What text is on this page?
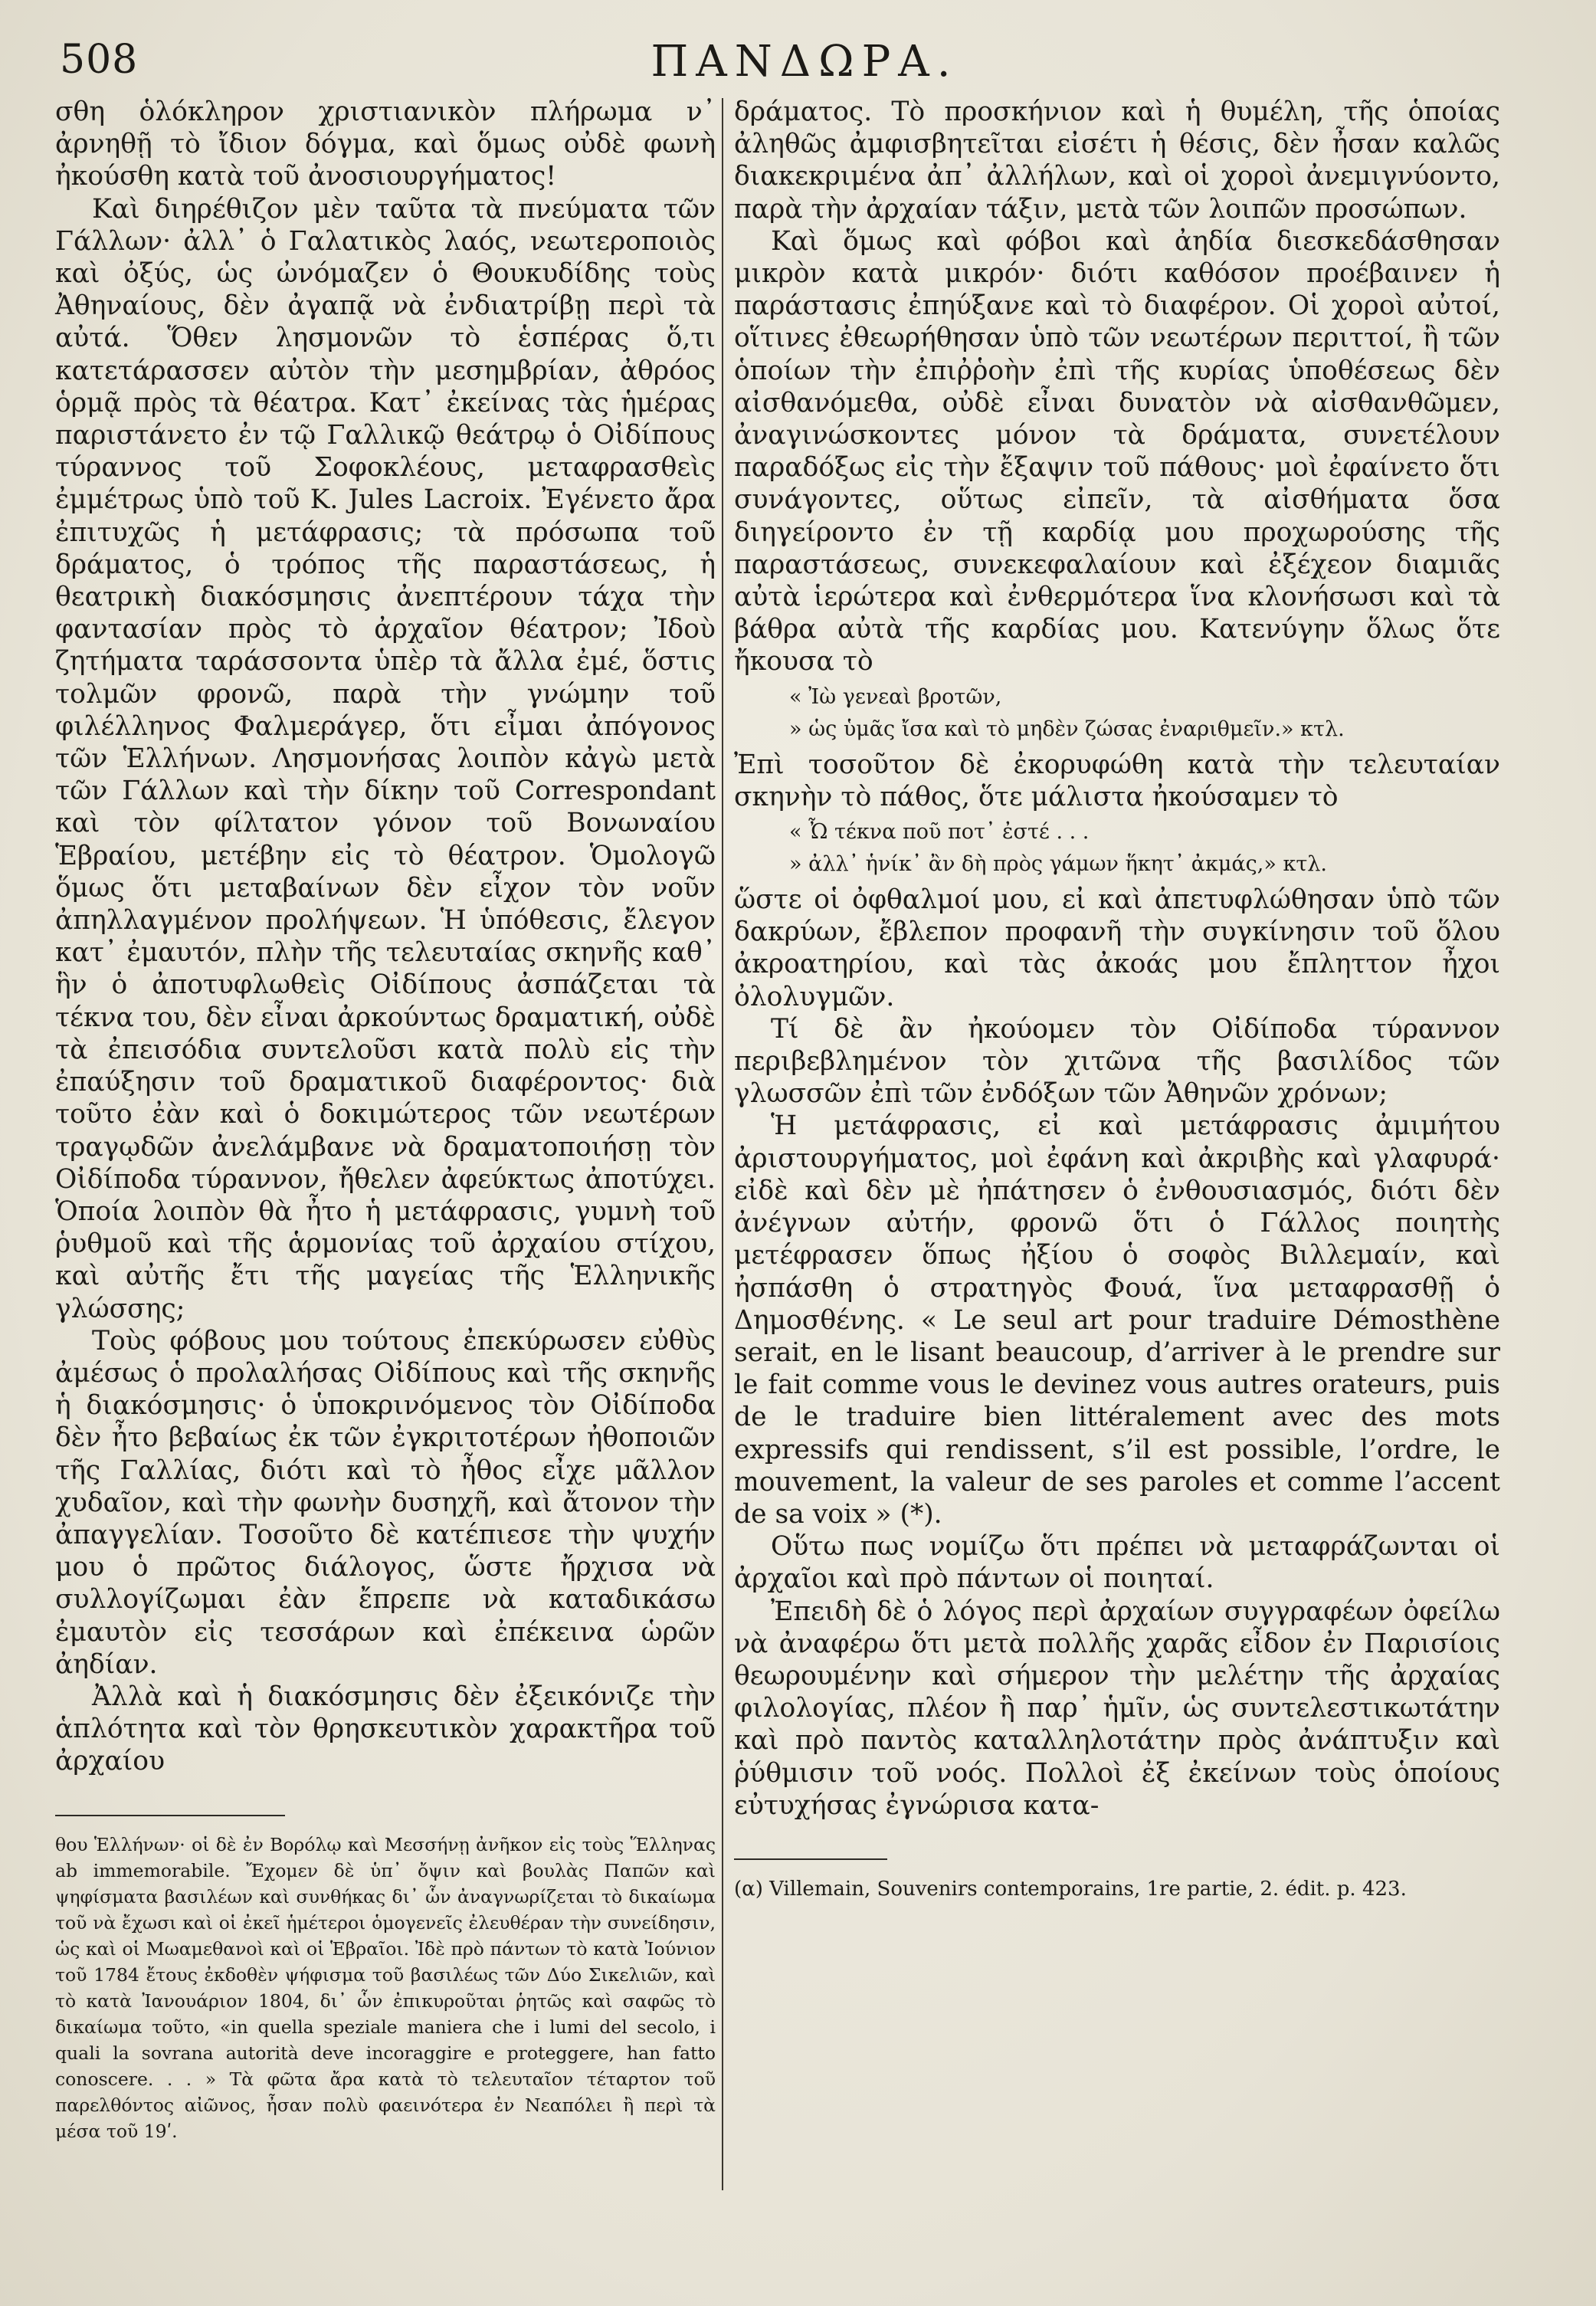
508	ΠΑΝΔΩΡΑ.

σθη ὁλόκληρον χριστιανικὸν πλήρωμα ν᾿ ἀρνηθῇ τὸ ἴδιον δόγμα, καὶ ὅμως οὐδὲ φωνὴ ἠκούσθη κατὰ τοῦ ἀνοσιουργήματος!

Καὶ διηρέθιζον μὲν ταῦτα τὰ πνεύματα τῶν Γάλλων· ἀλλ᾿ ὁ Γαλατικὸς λαός, νεωτεροποιὸς καὶ ὀξύς, ὡς ὠνόμαζεν ὁ Θουκυδίδης τοὺς Ἀθηναίους, δὲν ἀγαπᾷ νὰ ἐνδιατρίβῃ περὶ τὰ αὐτά. Ὅθεν λησμονῶν τὸ ἑσπέρας ὅ,τι κατετάρασσεν αὐτὸν τὴν μεσημβρίαν, ἀθρόος ὁρμᾷ πρὸς τὰ θέατρα. Κατ᾿ ἐκείνας τὰς ἡμέρας παριστάνετο ἐν τῷ Γαλλικῷ θεάτρῳ ὁ Οἰδίπους τύραννος τοῦ Σοφοκλέους, μεταφρασθεὶς ἐμμέτρως ὑπὸ τοῦ Κ. Jules Lacroix. Ἐγένετο ἄρα ἐπιτυχῶς ἡ μετάφρασις; τὰ πρόσωπα τοῦ δράματος, ὁ τρόπος τῆς παραστάσεως, ἡ θεατρικὴ διακόσμησις ἀνεπτέρουν τάχα τὴν φαντασίαν πρὸς τὸ ἀρχαῖον θέατρον; Ἰδοὺ ζητήματα ταράσσοντα ὑπὲρ τὰ ἄλλα ἐμέ, ὅστις τολμῶν φρονῶ, παρὰ τὴν γνώμην τοῦ φιλέλληνος Φαλμεράγερ, ὅτι εἶμαι ἀπόγονος τῶν Ἑλλήνων. Λησμονήσας λοιπὸν κἀγὼ μετὰ τῶν Γάλλων καὶ τὴν δίκην τοῦ Correspondant καὶ τὸν φίλτατον γόνον τοῦ Βονωναίου Ἑβραίου, μετέβην εἰς τὸ θέατρον. Ὁμολογῶ ὅμως ὅτι μεταβαίνων δὲν εἶχον τὸν νοῦν ἀπηλλαγμένον προλήψεων. Ἡ ὑπόθεσις, ἔλεγον κατ᾿ ἐμαυτόν, πλὴν τῆς τελευταίας σκηνῆς καθ᾿ ἣν ὁ ἀποτυφλωθεὶς Οἰδίπους ἀσπάζεται τὰ τέκνα του, δὲν εἶναι ἀρκούντως δραματική, οὐδὲ τὰ ἐπεισόδια συντελοῦσι κατὰ πολὺ εἰς τὴν ἐπαύξησιν τοῦ δραματικοῦ διαφέροντος· διὰ τοῦτο ἐὰν καὶ ὁ δοκιμώτερος τῶν νεωτέρων τραγῳδῶν ἀνελάμβανε νὰ δραματοποιήσῃ τὸν Οἰδίποδα τύραννον, ἤθελεν ἀφεύκτως ἀποτύχει. Ὁποία λοιπὸν θὰ ἦτο ἡ μετάφρασις, γυμνὴ τοῦ ῥυθμοῦ καὶ τῆς ἁρμονίας τοῦ ἀρχαίου στίχου, καὶ αὐτῆς ἔτι τῆς μαγείας τῆς Ἑλληνικῆς γλώσσης;

Τοὺς φόβους μου τούτους ἐπεκύρωσεν εὐθὺς ἀμέσως ὁ προλαλήσας Οἰδίπους καὶ τῆς σκηνῆς ἡ διακόσμησις· ὁ ὑποκρινόμενος τὸν Οἰδίποδα δὲν ἦτο βεβαίως ἐκ τῶν ἐγκριτοτέρων ἠθοποιῶν τῆς Γαλλίας, διότι καὶ τὸ ἦθος εἶχε μᾶλλον χυδαῖον, καὶ τὴν φωνὴν δυσηχῆ, καὶ ἄτονον τὴν ἀπαγγελίαν. Τοσοῦτο δὲ κατέπιεσε τὴν ψυχήν μου ὁ πρῶτος διάλογος, ὥστε ἤρχισα νὰ συλλογίζωμαι ἐὰν ἔπρεπε νὰ καταδικάσω ἐμαυτὸν εἰς τεσσάρων καὶ ἐπέκεινα ὡρῶν ἀηδίαν.

Ἀλλὰ καὶ ἡ διακόσμησις δὲν ἐξεικόνιζε τὴν ἁπλότητα καὶ τὸν θρησκευτικὸν χαρακτῆρα τοῦ ἀρχαίου

θου Ἑλλήνων· οἱ δὲ ἐν Βορόλῳ καὶ Μεσσήνῃ ἀνῆκον εἰς τοὺς Ἕλληνας ab immemorabile. Ἔχομεν δὲ ὑπ᾿ ὄψιν καὶ βουλὰς Παπῶν καὶ ψηφίσματα βασιλέων καὶ συνθήκας δι᾿ ὧν ἀναγνωρίζεται τὸ δικαίωμα τοῦ νὰ ἔχωσι καὶ οἱ ἐκεῖ ἡμέτεροι ὁμογενεῖς ἐλευθέραν τὴν συνείδησιν, ὡς καὶ οἱ Μωαμεθανοὶ καὶ οἱ Ἑβραῖοι. Ἰδὲ πρὸ πάντων τὸ κατὰ Ἰούνιον τοῦ 1784 ἔτους ἐκδοθὲν ψήφισμα τοῦ βασιλέως τῶν Δύο Σικελιῶν, καὶ τὸ κατὰ Ἰανουάριον 1804, δι᾿ ὧν ἐπικυροῦται ῥητῶς καὶ σαφῶς τὸ δικαίωμα τοῦτο, «in quella speziale maniera che i lumi del secolo, i quali la sovrana autorità deve incoraggire e proteggere, han fatto conoscere. . . » Τὰ φῶτα ἄρα κατὰ τὸ τελευταῖον τέταρτον τοῦ παρελθόντος αἰῶνος, ἦσαν πολὺ φαεινότερα ἐν Νεαπόλει ἢ περὶ τὰ μέσα τοῦ 19ʹ.

δράματος. Τὸ προσκήνιον καὶ ἡ θυμέλη, τῆς ὁποίας ἀληθῶς ἀμφισβητεῖται εἰσέτι ἡ θέσις, δὲν ἦσαν καλῶς διακεκριμένα ἀπ᾿ ἀλλήλων, καὶ οἱ χοροὶ ἀνεμιγνύοντο, παρὰ τὴν ἀρχαίαν τάξιν, μετὰ τῶν λοιπῶν προσώπων.

Καὶ ὅμως καὶ φόβοι καὶ ἀηδία διεσκεδάσθησαν μικρὸν κατὰ μικρόν· διότι καθόσον προέβαινεν ἡ παράστασις ἐπηύξανε καὶ τὸ διαφέρον. Οἱ χοροὶ αὐτοί, οἵτινες ἐθεωρήθησαν ὑπὸ τῶν νεωτέρων περιττοί, ἢ τῶν ὁποίων τὴν ἐπιῤῥοὴν ἐπὶ τῆς κυρίας ὑποθέσεως δὲν αἰσθανόμεθα, οὐδὲ εἶναι δυνατὸν νὰ αἰσθανθῶμεν, ἀναγινώσκοντες μόνον τὰ δράματα, συνετέλουν παραδόξως εἰς τὴν ἔξαψιν τοῦ πάθους· μοὶ ἐφαίνετο ὅτι συνάγοντες, οὕτως εἰπεῖν, τὰ αἰσθήματα ὅσα διηγείροντο ἐν τῇ καρδίᾳ μου προχωρούσης τῆς παραστάσεως, συνεκεφαλαίουν καὶ ἐξέχεον διαμιᾶς αὐτὰ ἱερώτερα καὶ ἐνθερμότερα ἵνα κλονήσωσι καὶ τὰ βάθρα αὐτὰ τῆς καρδίας μου. Κατενύγην ὅλως ὅτε ἤκουσα τὸ

« Ἰὼ γενεαὶ βροτῶν,
» ὡς ὑμᾶς ἴσα καὶ τὸ μηδὲν ζώσας ἐναριθμεῖν.» κτλ.

Ἐπὶ τοσοῦτον δὲ ἐκορυφώθη κατὰ τὴν τελευταίαν σκηνὴν τὸ πάθος, ὅτε μάλιστα ἠκούσαμεν τὸ

« Ὦ τέκνα ποῦ ποτ᾿ ἐστέ . . .
» ἀλλ᾿ ἡνίκ᾿ ἂν δὴ πρὸς γάμων ἥκητ᾿ ἀκμάς,» κτλ.

ὥστε οἱ ὀφθαλμοί μου, εἰ καὶ ἀπετυφλώθησαν ὑπὸ τῶν δακρύων, ἔβλεπον προφανῆ τὴν συγκίνησιν τοῦ ὅλου ἀκροατηρίου, καὶ τὰς ἀκοάς μου ἔπληττον ἦχοι ὀλολυγμῶν.

Τί δὲ ἂν ἠκούομεν τὸν Οἰδίποδα τύραννον περιβεβλημένον τὸν χιτῶνα τῆς βασιλίδος τῶν γλωσσῶν ἐπὶ τῶν ἐνδόξων τῶν Ἀθηνῶν χρόνων;

Ἡ μετάφρασις, εἰ καὶ μετάφρασις ἀμιμήτου ἀριστουργήματος, μοὶ ἐφάνη καὶ ἀκριβὴς καὶ γλαφυρά· εἰδὲ καὶ δὲν μὲ ἠπάτησεν ὁ ἐνθουσιασμός, διότι δὲν ἀνέγνων αὐτήν, φρονῶ ὅτι ὁ Γάλλος ποιητὴς μετέφρασεν ὅπως ἠξίου ὁ σοφὸς Βιλλεμαίν, καὶ ἠσπάσθη ὁ στρατηγὸς Φουά, ἵνα μεταφρασθῇ ὁ Δημοσθένης. « Le seul art pour traduire Démosthène serait, en le lisant beaucoup, d’arriver à le prendre sur le fait comme vous le devinez vous autres orateurs, puis de le traduire bien littéralement avec des mots expressifs qui rendissent, s’il est possible, l’ordre, le mouvement, la valeur de ses paroles et comme l’accent de sa voix » (*).

Οὕτω πως νομίζω ὅτι πρέπει νὰ μεταφράζωνται οἱ ἀρχαῖοι καὶ πρὸ πάντων οἱ ποιηταί.

Ἐπειδὴ δὲ ὁ λόγος περὶ ἀρχαίων συγγραφέων ὀφείλω νὰ ἀναφέρω ὅτι μετὰ πολλῆς χαρᾶς εἶδον ἐν Παρισίοις θεωρουμένην καὶ σήμερον τὴν μελέτην τῆς ἀρχαίας φιλολογίας, πλέον ἢ παρ᾿ ἡμῖν, ὡς συντελεστικωτάτην καὶ πρὸ παντὸς καταλληλοτάτην πρὸς ἀνάπτυξιν καὶ ῥύθμισιν τοῦ νοός. Πολλοὶ ἐξ ἐκείνων τοὺς ὁποίους εὐτυχήσας ἐγνώρισα κατα-

(α) Villemain, Souvenirs contemporains, 1re partie, 2. édit. p. 423.
